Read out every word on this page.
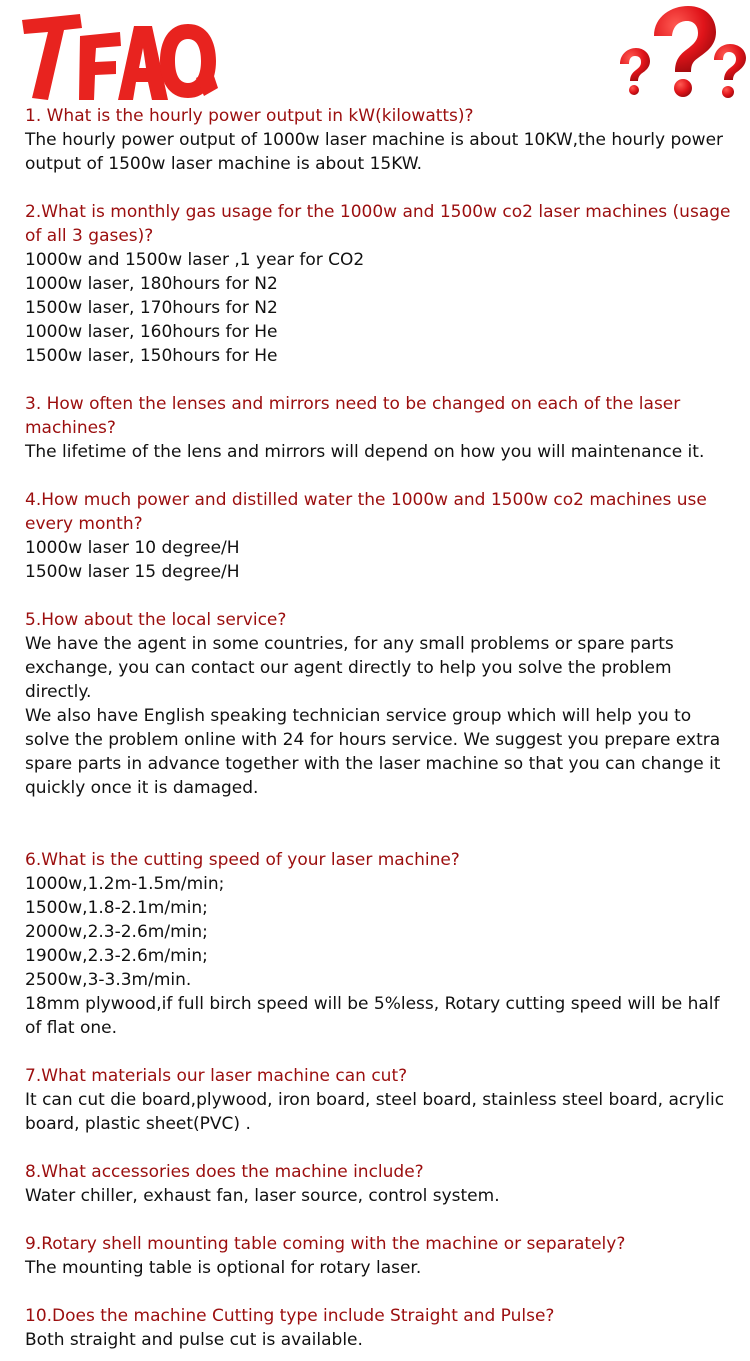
1. What is the hourly power output in kW(kilowatts)?

The hourly power output of 1000w laser machine is about 10KW,the hourly power output of 1500w laser machine is about 15KW.

2.What is monthly gas usage for the 1000w and 1500w co2 laser machines (usage of all 3 gases)?

1000w and 1500w laser ,1 year for CO2
1000w laser, 180hours for N2
1500w laser, 170hours for N2
1000w laser, 160hours for He
1500w laser, 150hours for He

3. How often the lenses and mirrors need to be changed on each of the laser machines?

The lifetime of the lens and mirrors will depend on how you will maintenance it.

4.How much power and distilled water the 1000w and 1500w co2 machines use every month?

1000w laser 10 degree/H
1500w laser 15 degree/H

5.How about the local service?

We have the agent in some countries, for any small problems or spare parts exchange, you can contact our agent directly to help you solve the problem directly.
We also have English speaking technician service group which will help you to solve the problem online with 24 for hours service. We suggest you prepare extra spare parts in advance together with the laser machine so that you can change it quickly once it is damaged.

6.What is the cutting speed of your laser machine?

1000w,1.2m-1.5m/min;
1500w,1.8-2.1m/min;
2000w,2.3-2.6m/min;
1900w,2.3-2.6m/min;
2500w,3-3.3m/min.
18mm plywood,if full birch speed will be 5%less, Rotary cutting speed will be half of flat one.

7.What materials our laser machine can cut?

It can cut die board,plywood, iron board, steel board, stainless steel board, acrylic board, plastic sheet(PVC) .

8.What accessories does the machine include?

Water chiller, exhaust fan, laser source, control system.

9.Rotary shell mounting table coming with the machine or separately?

The mounting table is optional for rotary laser.

10.Does the machine Cutting type include Straight and Pulse?

Both straight and pulse cut is available.
